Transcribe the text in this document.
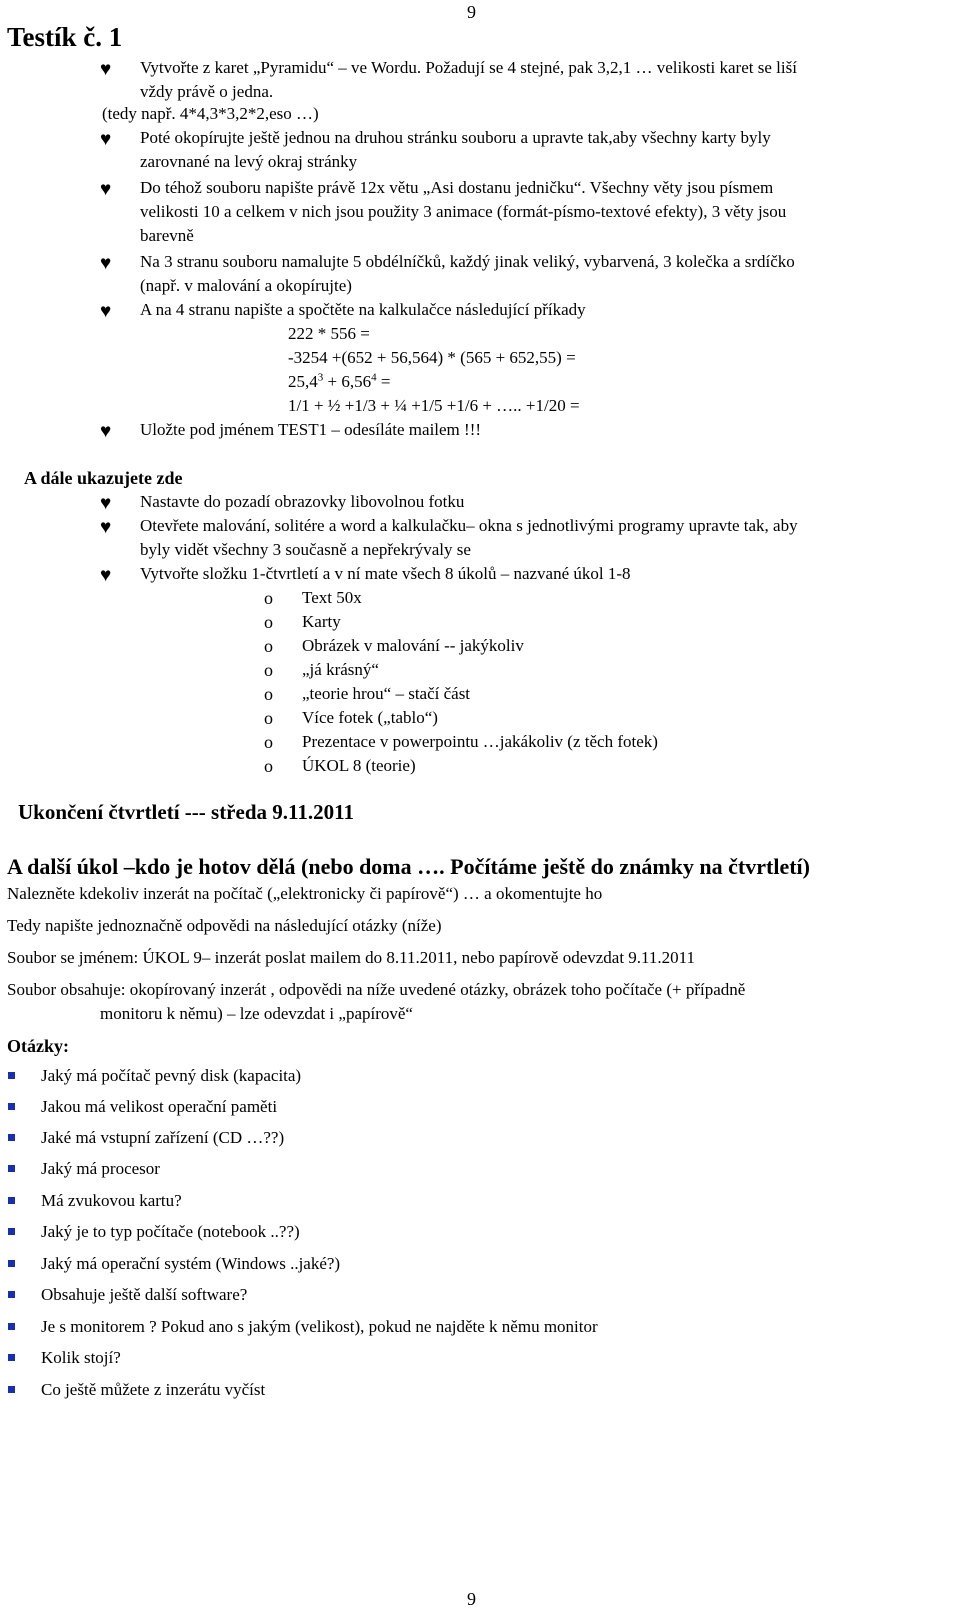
9
Testík č. 1
♥ Vytvořte z karet „Pyramidu“ – ve Wordu. Požadují se 4 stejné, pak 3,2,1 … velikosti karet se liší
vždy právě o jedna.
(tedy např. 4*4,3*3,2*2,eso …)
♥ Poté okopírujte ještě jednou na druhou stránku souboru a upravte tak,aby všechny karty byly
zarovnané na levý okraj stránky
♥ Do téhož souboru napište právě 12x větu „Asi dostanu jedničku“. Všechny věty jsou písmem
velikosti 10 a celkem v nich jsou použity 3 animace (formát-písmo-textové efekty), 3 věty jsou
barevně
♥ Na 3 stranu souboru namalujte 5 obdélníčků, každý jinak veliký, vybarvená, 3 kolečka a srdíčko
(např. v malování a okopírujte)
♥ A na 4 stranu napište a spočtěte na kalkulačce následující příkady
222 * 556 =
-3254 +(652 + 56,564) * (565 + 652,55) =
$25,4^3 + 6,56^4$ =
1/1 + ½ +1/3 + ¼ +1/5 +1/6 + ….. +1/20 =
♥ Uložte pod jménem TEST1 – odesíláte mailem !!!
A dále ukazujete zde
♥ Nastavte do pozadí obrazovky libovolnou fotku
♥ Otevřete malování, solitére a word a kalkulačku– okna s jednotlivými programy upravte tak, aby
byly vidět všechny 3 současně a nepřekrývaly se
♥ Vytvořte složku 1-čtvrtletí a v ní mate všech 8 úkolů – nazvané úkol 1-8
o Text 50x
o Karty
o Obrázek v malování -- jakýkoliv
o „já krásný“
o „teorie hrou“ – stačí část
o Více fotek („tablo“)
o Prezentace v powerpointu …jakákoliv (z těch fotek)
o ÚKOL 8 (teorie)
Ukončení čtvrtletí --- středa 9.11.2011
A další úkol –kdo je hotov dělá (nebo doma …. Počítáme ještě do známky na čtvrtletí)
Nalezněte kdekoliv inzerát na počítač („elektronicky či papírově“) … a okomentujte ho
Tedy napište jednoznačně odpovědi na následující otázky (níže)
Soubor se jménem: ÚKOL 9– inzerát poslat mailem do 8.11.2011, nebo papírově odevzdat 9.11.2011
Soubor obsahuje: okopírovaný inzerát , odpovědi na níže uvedené otázky, obrázek toho počítače (+ případně
monitoru k němu) – lze odevzdat i „papírově“
Otázky:
Jaký má počítač pevný disk (kapacita)
Jakou má velikost operační paměti
Jaké má vstupní zařízení (CD …??)
Jaký má procesor
Má zvukovou kartu?
Jaký je to typ počítače (notebook ..??)
Jaký má operační systém (Windows ..jaké?)
Obsahuje ještě další software?
Je s monitorem ? Pokud ano s jakým (velikost), pokud ne najděte k němu monitor
Kolik stojí?
Co ještě můžete z inzerátu vyčíst
9
